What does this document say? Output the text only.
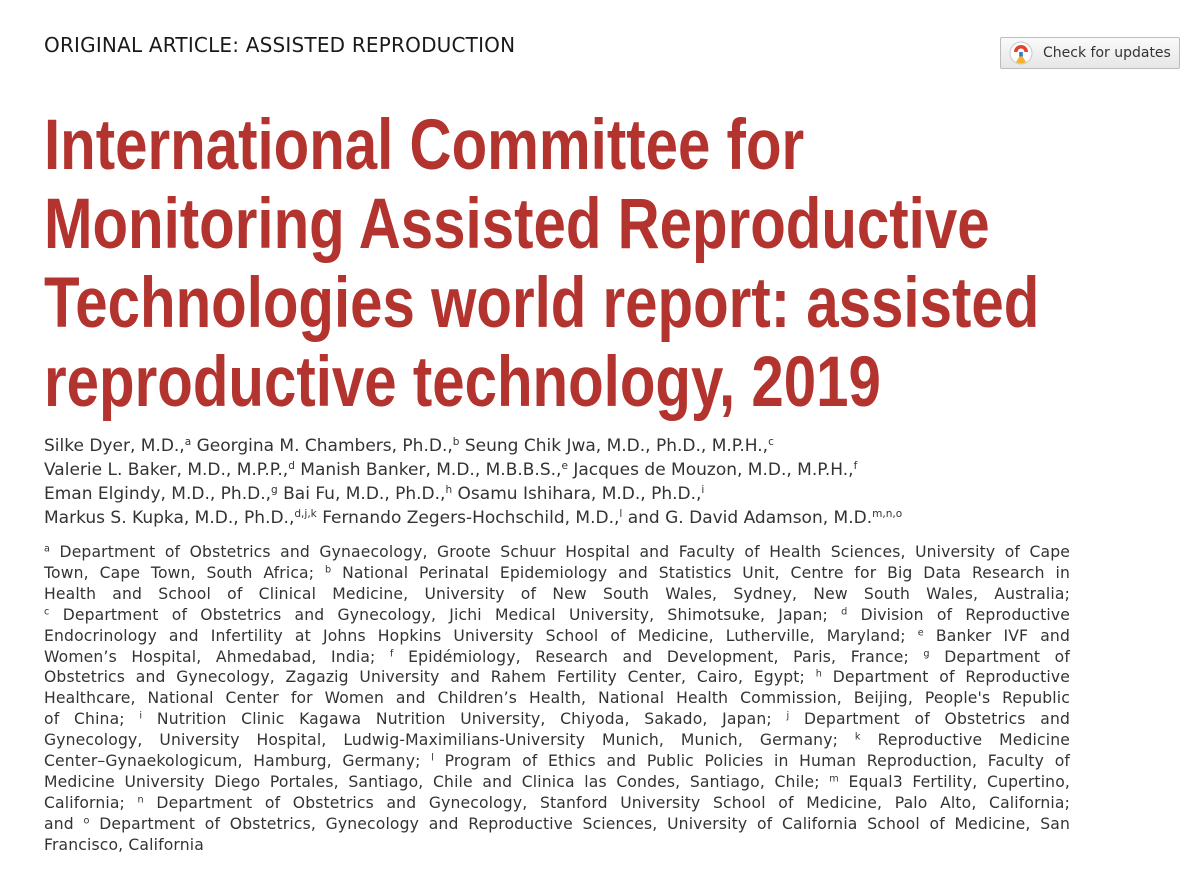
ORIGINAL ARTICLE: ASSISTED REPRODUCTION	Check for updates
International Committee for
Monitoring Assisted Reproductive
Technologies world report: assisted
reproductive technology, 2019
Silke Dyer, M.D.,$^a$ Georgina M. Chambers, Ph.D.,$^b$ Seung Chik Jwa, M.D., Ph.D., M.P.H.,$^c$
Valerie L. Baker, M.D., M.P.P.,$^d$ Manish Banker, M.D., M.B.B.S.,$^e$ Jacques de Mouzon, M.D., M.P.H.,$^f$
Eman Elgindy, M.D., Ph.D.,$^g$ Bai Fu, M.D., Ph.D.,$^h$ Osamu Ishihara, M.D., Ph.D.,$^i$
Markus S. Kupka, M.D., Ph.D.,$^{d,j,k}$ Fernando Zegers-Hochschild, M.D.,$^l$ and G. David Adamson, M.D.$^{m,n,o}$
$^a$ Department of Obstetrics and Gynaecology, Groote Schuur Hospital and Faculty of Health Sciences, University of Cape
Town, Cape Town, South Africa; $^b$ National Perinatal Epidemiology and Statistics Unit, Centre for Big Data Research in
Health and School of Clinical Medicine, University of New South Wales, Sydney, New South Wales, Australia;
$^c$ Department of Obstetrics and Gynecology, Jichi Medical University, Shimotsuke, Japan; $^d$ Division of Reproductive
Endocrinology and Infertility at Johns Hopkins University School of Medicine, Lutherville, Maryland; $^e$ Banker IVF and
Women’s Hospital, Ahmedabad, India; $^f$ Epidémiology, Research and Development, Paris, France; $^g$ Department of
Obstetrics and Gynecology, Zagazig University and Rahem Fertility Center, Cairo, Egypt; $^h$ Department of Reproductive
Healthcare, National Center for Women and Children’s Health, National Health Commission, Beijing, People's Republic
of China; $^i$ Nutrition Clinic Kagawa Nutrition University, Chiyoda, Sakado, Japan; $^j$ Department of Obstetrics and
Gynecology, University Hospital, Ludwig-Maximilians-University Munich, Munich, Germany; $^k$ Reproductive Medicine
Center–Gynaekologicum, Hamburg, Germany; $^l$ Program of Ethics and Public Policies in Human Reproduction, Faculty of
Medicine University Diego Portales, Santiago, Chile and Clinica las Condes, Santiago, Chile; $^m$ Equal3 Fertility, Cupertino,
California; $^n$ Department of Obstetrics and Gynecology, Stanford University School of Medicine, Palo Alto, California;
and $^o$ Department of Obstetrics, Gynecology and Reproductive Sciences, University of California School of Medicine, San
Francisco, California
